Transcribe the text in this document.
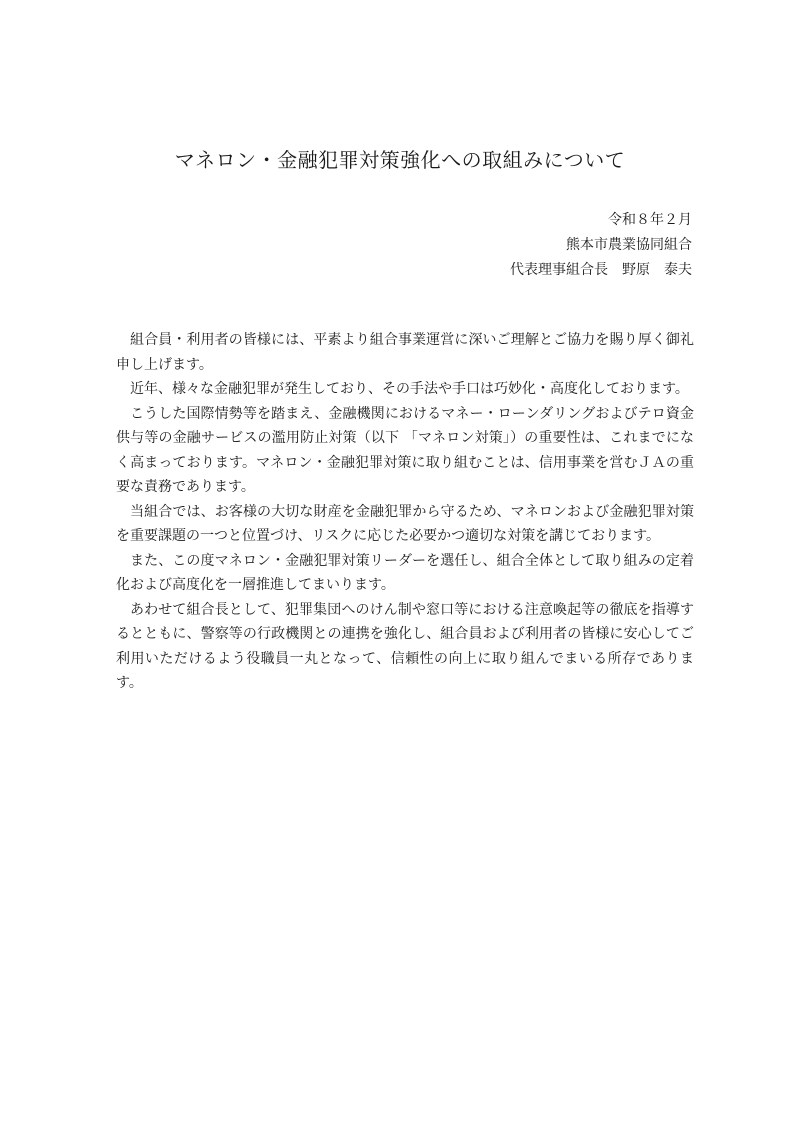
マネロン・金融犯罪対策強化への取組みについて
令和８年２月
熊本市農業協同組合
代表理事組合長　野原　泰夫

組合員・利用者の皆様には、平素より組合事業運営に深いご理解とご協力を賜り厚く御礼申し上げます。

近年、様々な金融犯罪が発生しており、その手法や手口は巧妙化・高度化しております。

こうした国際情勢等を踏まえ、金融機関におけるマネー・ローンダリングおよびテロ資金供与等の金融サービスの濫用防止対策（以下 「マネロン対策」）の重要性は、これまでになく高まっております。マネロン・金融犯罪対策に取り組むことは、信用事業を営むＪＡの重要な責務であります。

当組合では、お客様の大切な財産を金融犯罪から守るため、マネロンおよび金融犯罪対策を重要課題の一つと位置づけ、リスクに応じた必要かつ適切な対策を講じております。

また、この度マネロン・金融犯罪対策リーダーを選任し、組合全体として取り組みの定着化および高度化を一層推進してまいります。

あわせて組合長として、犯罪集団へのけん制や窓口等における注意喚起等の徹底を指導するとともに、警察等の行政機関との連携を強化し、組合員および利用者の皆様に安心してご利用いただけるよう役職員一丸となって、信頼性の向上に取り組んでまいる所存であります。
